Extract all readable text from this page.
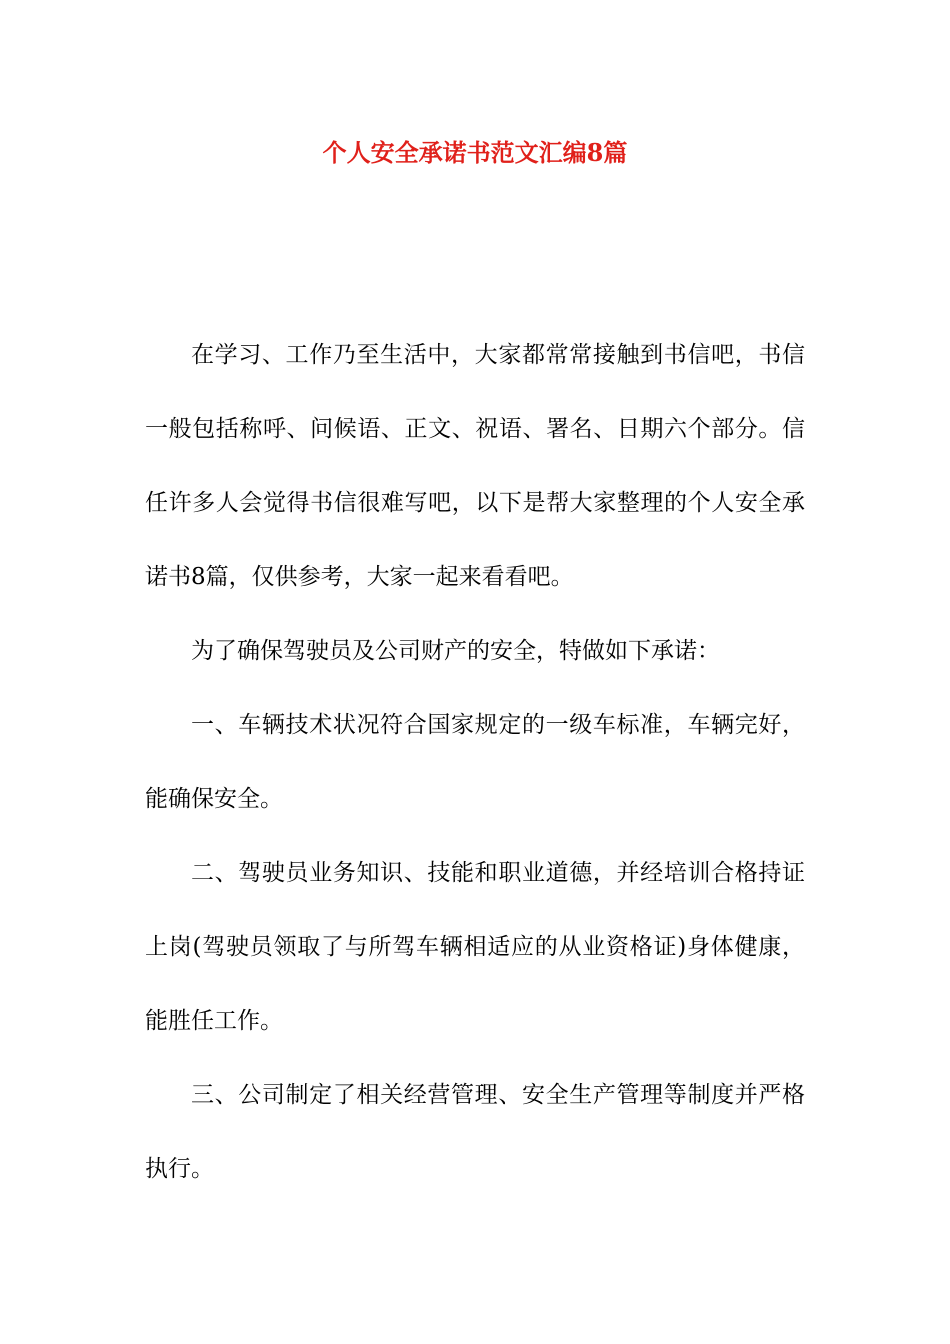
个人安全承诺书范文汇编8篇

在学习、工作乃至生活中，大家都常常接触到书信吧，书信一般包括称呼、问候语、正文、祝语、署名、日期六个部分。信任许多人会觉得书信很难写吧，以下是帮大家整理的个人安全承诺书8篇，仅供参考，大家一起来看看吧。

为了确保驾驶员及公司财产的安全，特做如下承诺：

一、车辆技术状况符合国家规定的一级车标准，车辆完好，能确保安全。

二、驾驶员业务知识、技能和职业道德，并经培训合格持证上岗(驾驶员领取了与所驾车辆相适应的从业资格证)身体健康，能胜任工作。

三、公司制定了相关经营管理、安全生产管理等制度并严格执行。
